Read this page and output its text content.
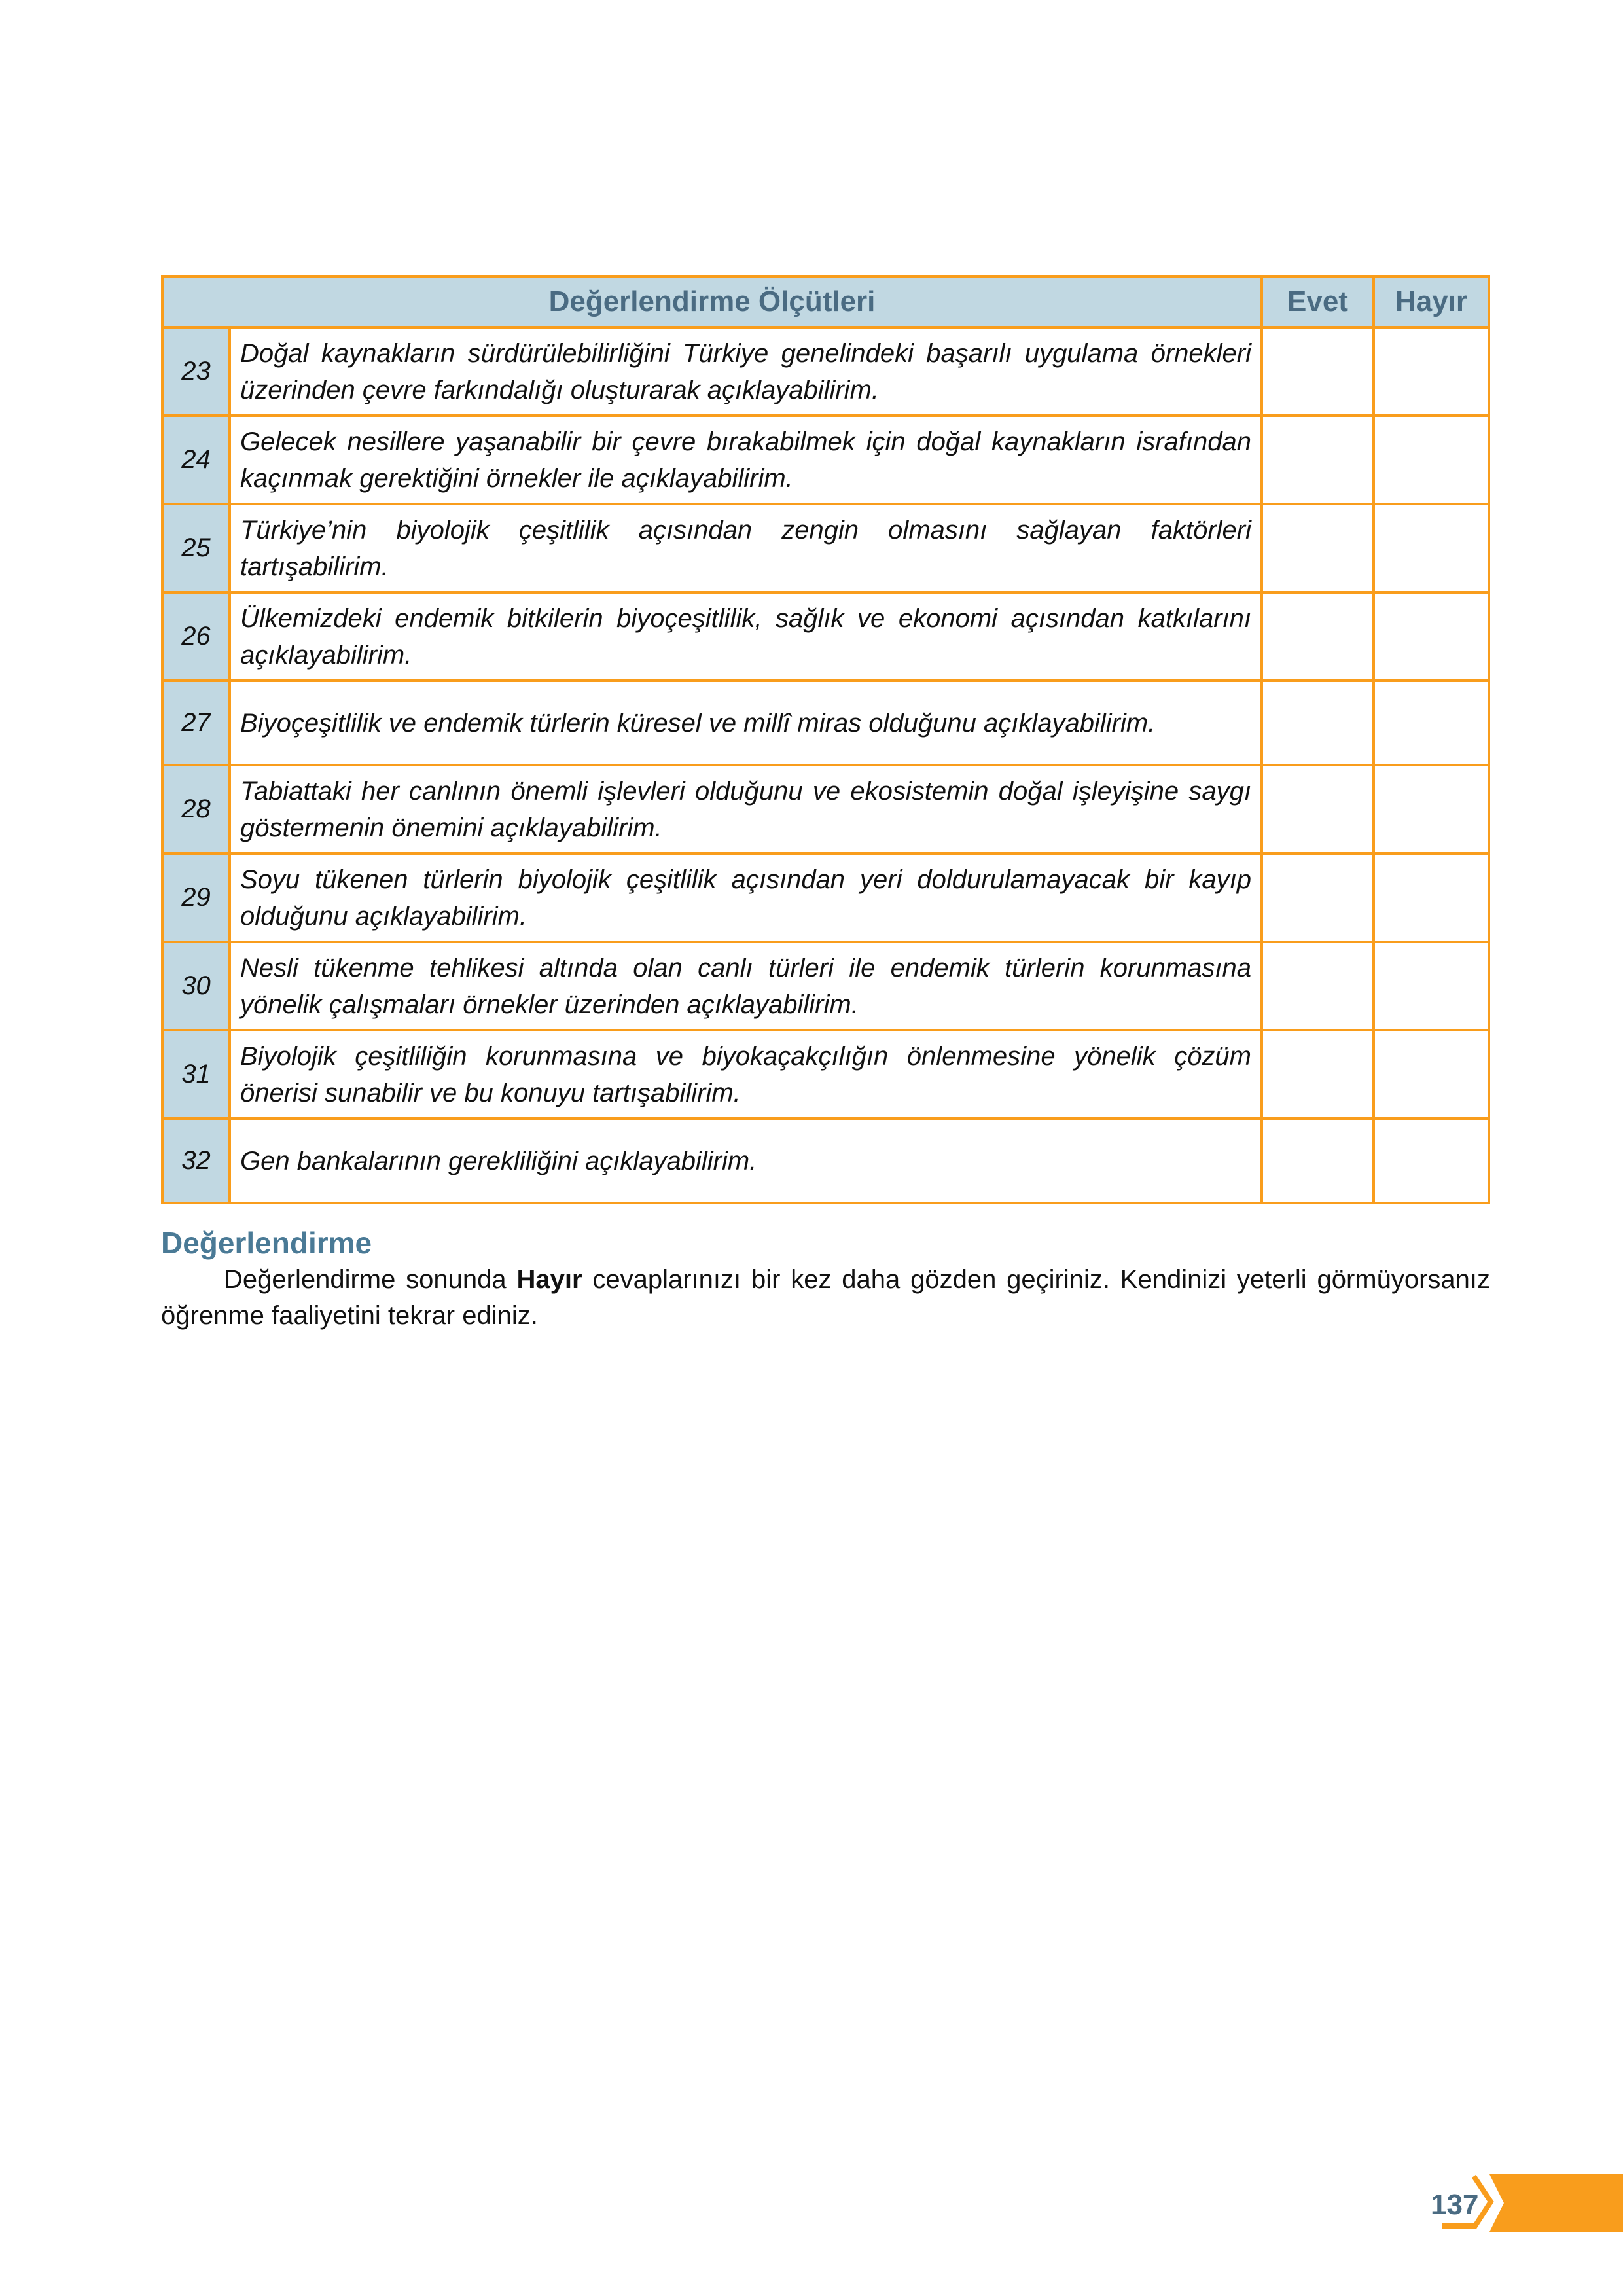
Değerlendirme Ölçütleri		Evet	Hayır
23	Doğal kaynakların sürdürülebilirliğini Türkiye genelindeki başarılı uygulama örnekleri üzerinden çevre farkındalığı oluşturarak açıklayabilirim.		
24	Gelecek nesillere yaşanabilir bir çevre bırakabilmek için doğal kaynakların israfından kaçınmak gerektiğini örnekler ile açıklayabilirim.		
25	Türkiye’nin biyolojik çeşitlilik açısından zengin olmasını sağlayan faktörleri tartışabilirim.		
26	Ülkemizdeki endemik bitkilerin biyoçeşitlilik, sağlık ve ekonomi açısından katkılarını açıklayabilirim.		
27	Biyoçeşitlilik ve endemik türlerin küresel ve millî miras olduğunu açıklayabilirim.		
28	Tabiattaki her canlının önemli işlevleri olduğunu ve ekosistemin doğal işleyişine saygı göstermenin önemini açıklayabilirim.		
29	Soyu tükenen türlerin biyolojik çeşitlilik açısından yeri doldurulamayacak bir kayıp olduğunu açıklayabilirim.		
30	Nesli tükenme tehlikesi altında olan canlı türleri ile endemik türlerin korunmasına yönelik çalışmaları örnekler üzerinden açıklayabilirim.		
31	Biyolojik çeşitliliğin korunmasına ve biyokaçakçılığın önlenmesine yönelik çözüm önerisi sunabilir ve bu konuyu tartışabilirim.		
32	Gen bankalarının gerekliliğini açıklayabilirim.		
Değerlendirme
Değerlendirme sonunda Hayır cevaplarınızı bir kez daha gözden geçiriniz. Kendinizi yeterli görmüyorsanız öğrenme faaliyetini tekrar ediniz.
137
